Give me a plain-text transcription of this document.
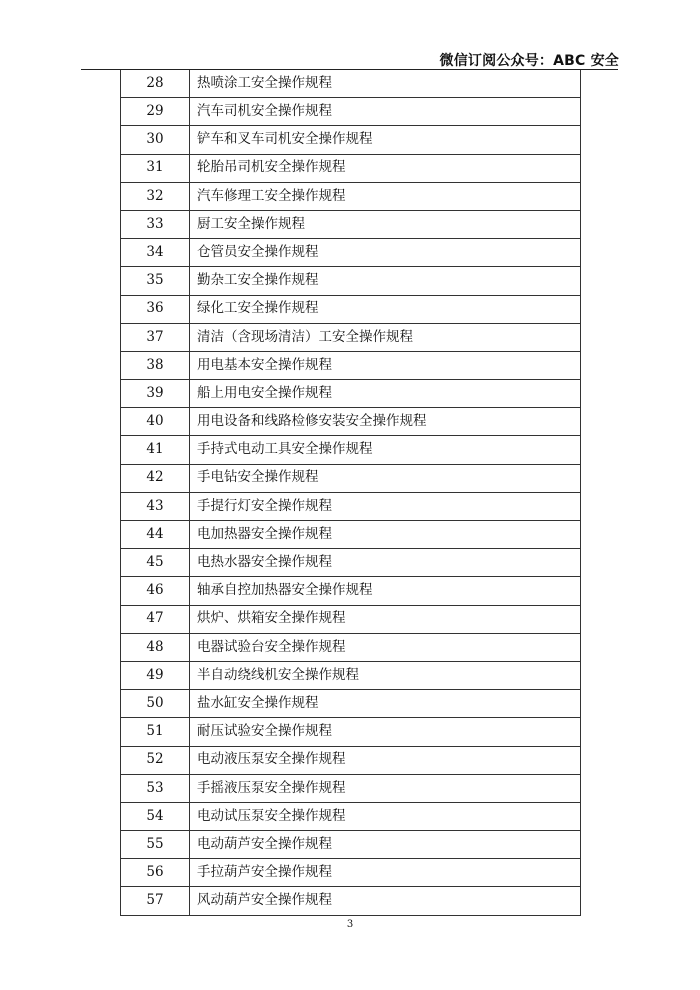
微信订阅公众号：ABC 安全
28	热喷涂工安全操作规程
29	汽车司机安全操作规程
30	铲车和叉车司机安全操作规程
31	轮胎吊司机安全操作规程
32	汽车修理工安全操作规程
33	厨工安全操作规程
34	仓管员安全操作规程
35	勤杂工安全操作规程
36	绿化工安全操作规程
37	清洁（含现场清洁）工安全操作规程
38	用电基本安全操作规程
39	船上用电安全操作规程
40	用电设备和线路检修安装安全操作规程
41	手持式电动工具安全操作规程
42	手电钻安全操作规程
43	手提行灯安全操作规程
44	电加热器安全操作规程
45	电热水器安全操作规程
46	轴承自控加热器安全操作规程
47	烘炉、烘箱安全操作规程
48	电器试验台安全操作规程
49	半自动绕线机安全操作规程
50	盐水缸安全操作规程
51	耐压试验安全操作规程
52	电动液压泵安全操作规程
53	手摇液压泵安全操作规程
54	电动试压泵安全操作规程
55	电动葫芦安全操作规程
56	手拉葫芦安全操作规程
57	风动葫芦安全操作规程
3
